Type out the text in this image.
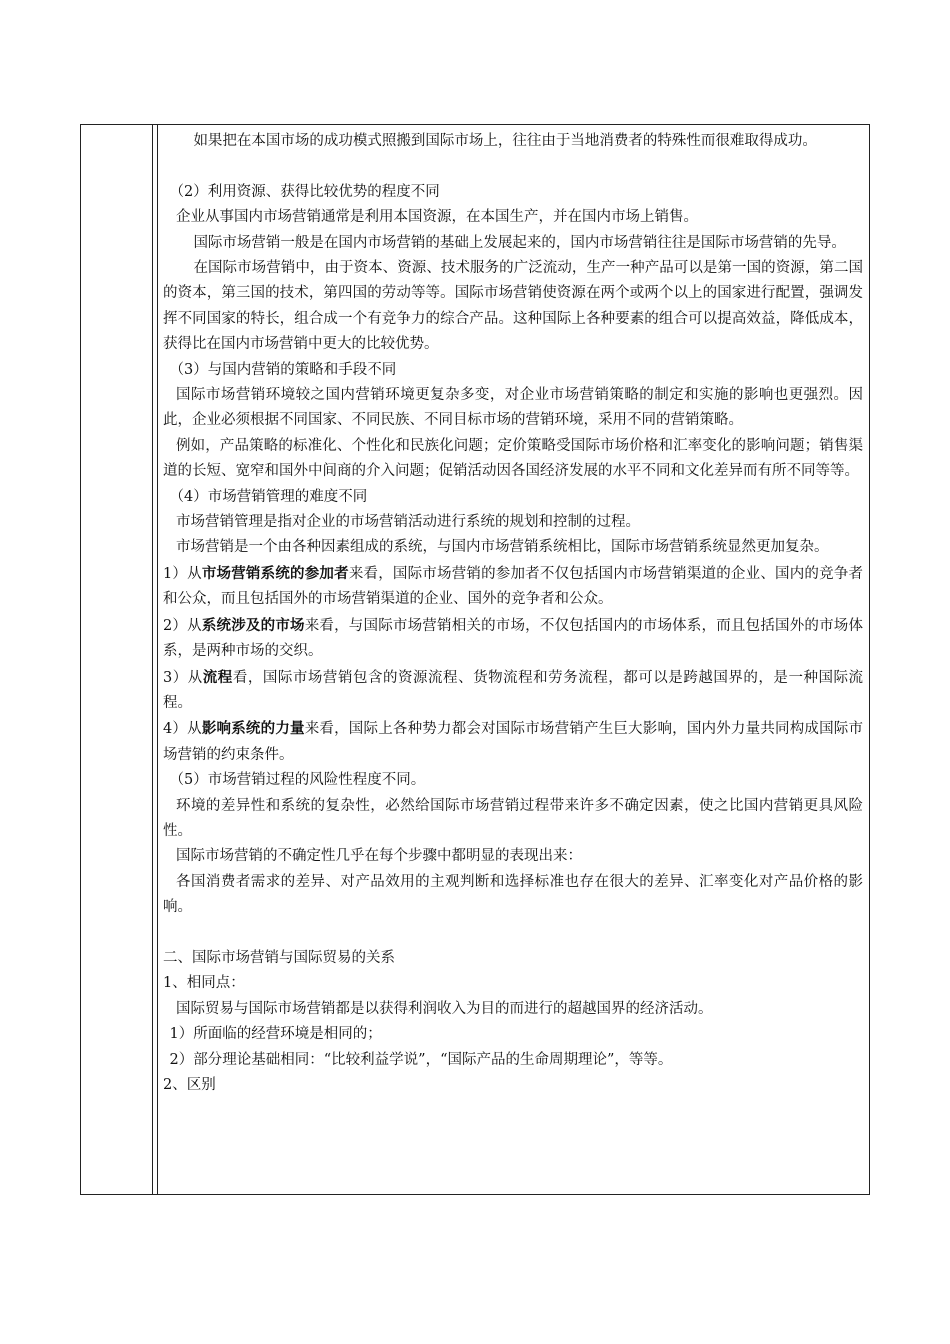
如果把在本国市场的成功模式照搬到国际市场上，往往由于当地消费者的特殊性而很难取得成功。

（2）利用资源、获得比较优势的程度不同

企业从事国内市场营销通常是利用本国资源，在本国生产，并在国内市场上销售。

国际市场营销一般是在国内市场营销的基础上发展起来的，国内市场营销往往是国际市场营销的先导。

在国际市场营销中，由于资本、资源、技术服务的广泛流动，生产一种产品可以是第一国的资源，第二国的资本，第三国的技术，第四国的劳动等等。国际市场营销使资源在两个或两个以上的国家进行配置，强调发挥不同国家的特长，组合成一个有竞争力的综合产品。这种国际上各种要素的组合可以提高效益，降低成本，获得比在国内市场营销中更大的比较优势。

（3）与国内营销的策略和手段不同

国际市场营销环境较之国内营销环境更复杂多变，对企业市场营销策略的制定和实施的影响也更强烈。因此，企业必须根据不同国家、不同民族、不同目标市场的营销环境，采用不同的营销策略。

例如，产品策略的标准化、个性化和民族化问题；定价策略受国际市场价格和汇率变化的影响问题；销售渠道的长短、宽窄和国外中间商的介入问题；促销活动因各国经济发展的水平不同和文化差异而有所不同等等。

（4）市场营销管理的难度不同

市场营销管理是指对企业的市场营销活动进行系统的规划和控制的过程。

市场营销是一个由各种因素组成的系统，与国内市场营销系统相比，国际市场营销系统显然更加复杂。

1）从市场营销系统的参加者来看，国际市场营销的参加者不仅包括国内市场营销渠道的企业、国内的竞争者和公众，而且包括国外的市场营销渠道的企业、国外的竞争者和公众。

2）从系统涉及的市场来看，与国际市场营销相关的市场，不仅包括国内的市场体系，而且包括国外的市场体系，是两种市场的交织。

3）从流程看，国际市场营销包含的资源流程、货物流程和劳务流程，都可以是跨越国界的，是一种国际流程。

4）从影响系统的力量来看，国际上各种势力都会对国际市场营销产生巨大影响，国内外力量共同构成国际市场营销的约束条件。

（5）市场营销过程的风险性程度不同。

环境的差异性和系统的复杂性，必然给国际市场营销过程带来许多不确定因素，使之比国内营销更具风险性。

国际市场营销的不确定性几乎在每个步骤中都明显的表现出来：

各国消费者需求的差异、对产品效用的主观判断和选择标准也存在很大的差异、汇率变化对产品价格的影响。

二、国际市场营销与国际贸易的关系

1、相同点：

国际贸易与国际市场营销都是以获得利润收入为目的而进行的超越国界的经济活动。

1）所面临的经营环境是相同的；

2）部分理论基础相同：“比较利益学说”，“国际产品的生命周期理论”，等等。

2、区别
